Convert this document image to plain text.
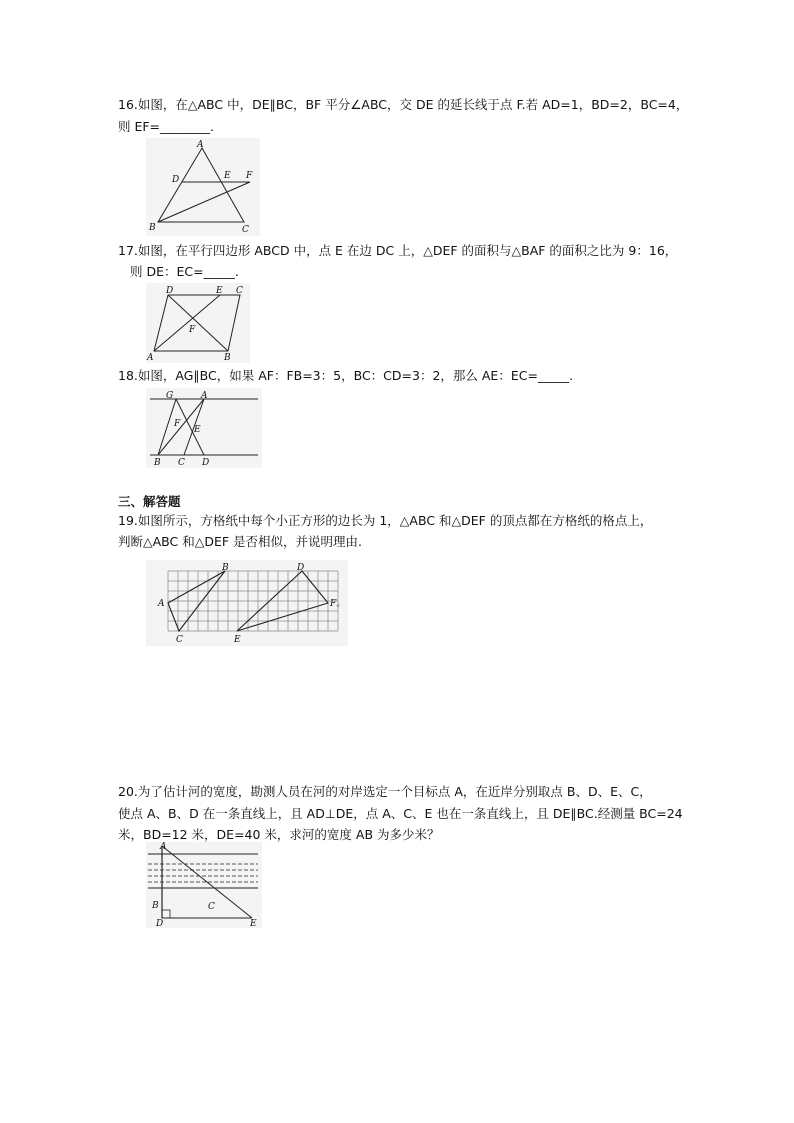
16.如图，在△ABC 中，DE∥BC，BF 平分∠ABC，交 DE 的延长线于点 F.若 AD=1，BD=2，BC=4，
则 EF=________.
A
D	E F
B	C
17.如图，在平行四边形 ABCD 中，点 E 在边 DC 上，△DEF 的面积与△BAF 的面积之比为 9：16，
则 DE：EC=_____.
D	E C
F
A	B
18.如图，AG∥BC，如果 AF：FB=3：5，BC：CD=3：2，那么 AE：EC=_____.
G	A
F
E
B C D
三、解答题
19.如图所示，方格纸中每个小正方形的边长为 1，△ABC 和△DEF 的顶点都在方格纸的格点上，
判断△ABC 和△DEF 是否相似，并说明理由.
A
B
C
D
E
F。
20.为了估计河的宽度，勘测人员在河的对岸选定一个目标点 A，在近岸分别取点 B、D、E、C，
使点 A、B、D 在一条直线上，且 AD⊥DE，点 A、C、E 也在一条直线上，且 DE∥BC.经测量 BC=24
米，BD=12 米，DE=40 米，求河的宽度 AB 为多少米？
A
B	C
D	E
